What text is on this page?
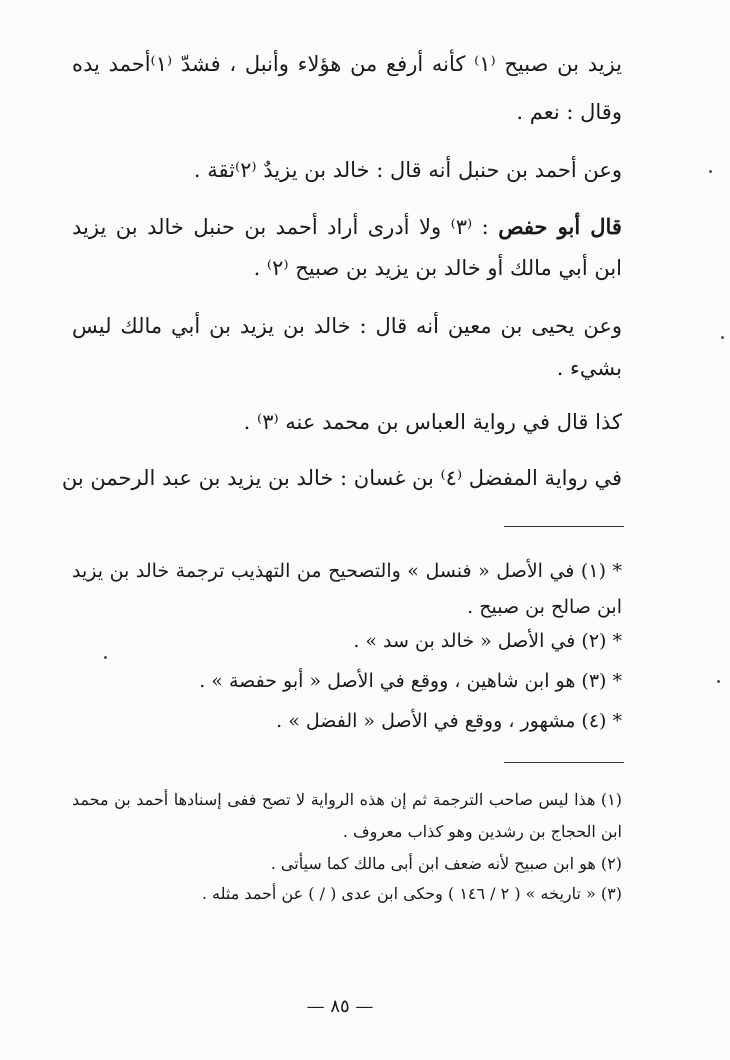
يزيد بن صبيح ⁽١⁾ كأنه أرفع من هؤلاء وأنبل ، فشدّ ⁽١⁾أحمد يده
وقال : نعم .
وعن أحمد بن حنبل أنه قال : خالد بن يزيدٌ ⁽٢⁾ثقة .
قال أبو حفص : ⁽٣⁾ ولا أدرى أراد أحمد بن حنبل خالد بن يزيد
ابن أبي مالك أو خالد بن يزيد بن صبيح ⁽٢⁾ .
وعن يحيى بن معين أنه قال : خالد بن يزيد بن أبي مالك ليس
بشيء .
كذا قال في رواية العباس بن محمد عنه ⁽٣⁾ .
في رواية المفضل ⁽٤⁾ بن غسان : خالد بن يزيد بن عبد الرحمن بن
* (١) في الأصل « فنسل » والتصحيح من التهذيب ترجمة خالد بن يزيد
ابن صالح بن صبيح .
* (٢) في الأصل « خالد بن سد » .
* (٣) هو ابن شاهين ، ووقع في الأصل « أبو حفصة » .
* (٤) مشهور ، ووقع في الأصل « الفضل » .
(١) هذا ليس صاحب الترجمة ثم إن هذه الرواية لا تصح ففى إسنادها أحمد بن محمد
ابن الحجاج بن رشدين وهو كذاب معروف .
(٢) هو ابن صبيح لأنه ضعف ابن أبى مالك كما سيأتى .
(٣) « تاريخه » ( ٢ / ١٤٦ ) وحكى ابن عدى ( / ) عن أحمد مثله .
— ٨٥ —
